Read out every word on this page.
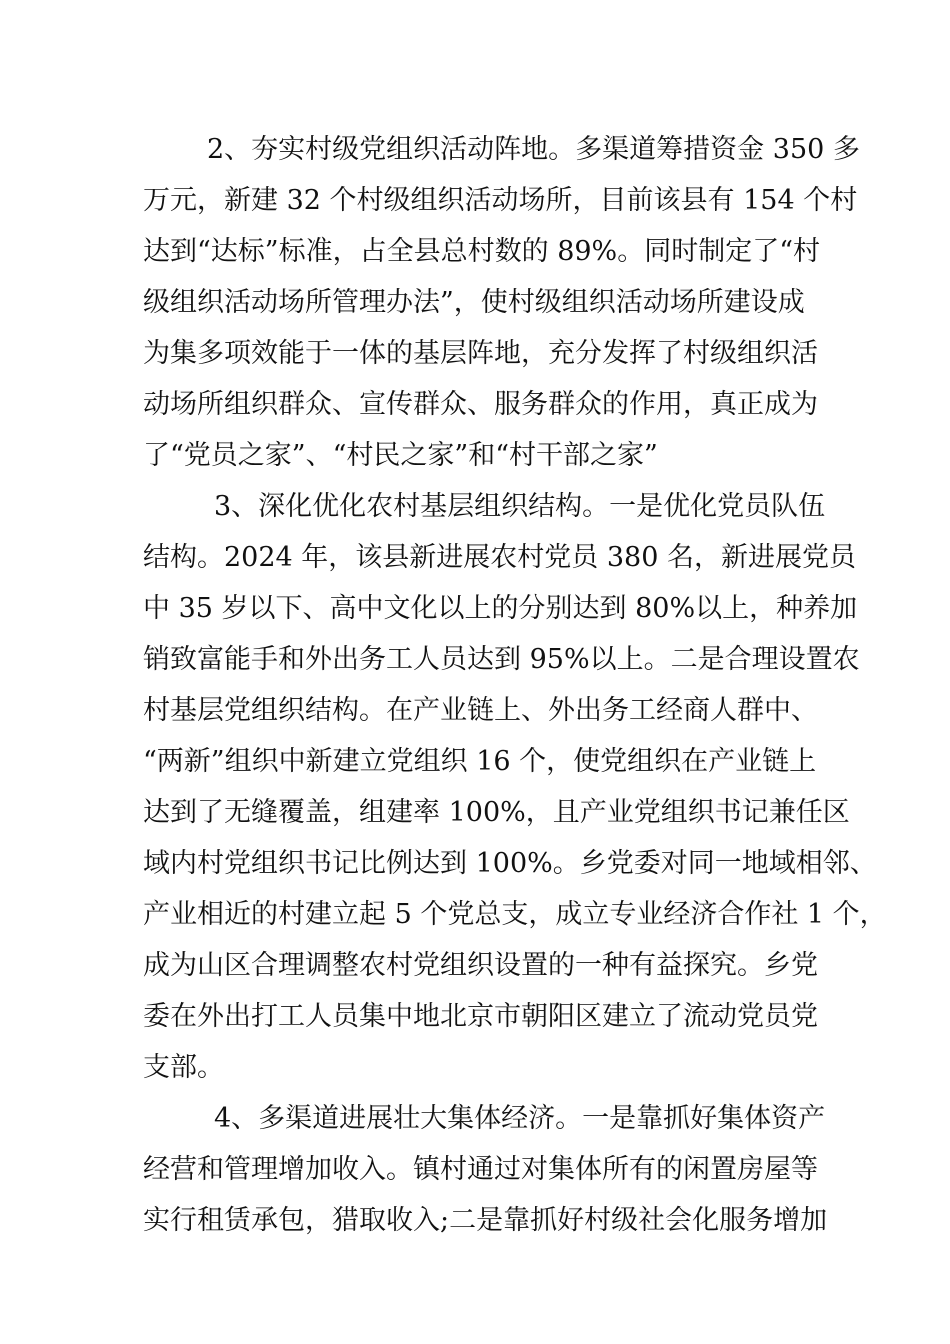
2、夯实村级党组织活动阵地。多渠道筹措资金 350 多
万元，新建 32 个村级组织活动场所，目前该县有 154 个村
达到“达标”标准，占全县总村数的 89%。同时制定了“村
级组织活动场所管理办法”，使村级组织活动场所建设成
为集多项效能于一体的基层阵地，充分发挥了村级组织活
动场所组织群众、宣传群众、服务群众的作用，真正成为
了“党员之家”、“村民之家”和“村干部之家”
3、深化优化农村基层组织结构。一是优化党员队伍
结构。2024 年，该县新进展农村党员 380 名，新进展党员
中 35 岁以下、高中文化以上的分别达到 80%以上，种养加
销致富能手和外出务工人员达到 95%以上。二是合理设置农
村基层党组织结构。在产业链上、外出务工经商人群中、
“两新”组织中新建立党组织 16 个，使党组织在产业链上
达到了无缝覆盖，组建率 100%，且产业党组织书记兼任区
域内村党组织书记比例达到 100%。乡党委对同一地域相邻、
产业相近的村建立起 5 个党总支，成立专业经济合作社 1 个，
成为山区合理调整农村党组织设置的一种有益探究。乡党
委在外出打工人员集中地北京市朝阳区建立了流动党员党
支部。
4、多渠道进展壮大集体经济。一是靠抓好集体资产
经营和管理增加收入。镇村通过对集体所有的闲置房屋等
实行租赁承包，猎取收入;二是靠抓好村级社会化服务增加
